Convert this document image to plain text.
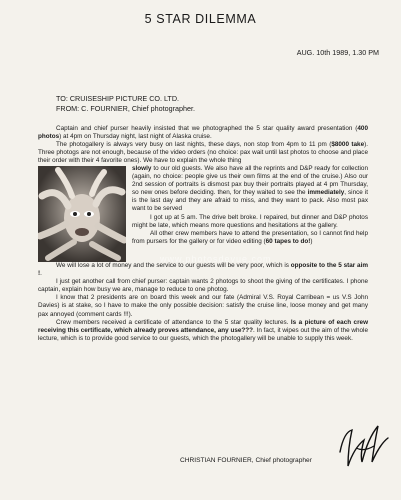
5 STAR DILEMMA
AUG. 10th 1989, 1.30 PM
TO: CRUISESHIP PICTURE CO. LTD.
FROM: C. FOURNIER, Chief photographer.

Captain and chief purser heavily insisted that we photographed the 5 star quality award presentation (400 photos) at 4pm on Thursday night, last night of Alaska cruise.

The photogallery is always very busy on last nights, these days, non stop from 4pm to 11 pm ($8000 take). Three photogs are not enough, because of the video orders (no choice: pax wait until last photos to choose and place their order with their 4 favorite ones). We have to explain the whole thing

slowly to our old guests. We also have all the reprints and D&P ready for collection (again, no choice: people give us their own films at the end of the cruise.) Also our 2nd session of portraits is dismost pax buy their portraits played at 4 pm Thursday, so new ones before deciding. then, for they waited to see the immediately, since it is the last day and they are afraid to miss, and they want to pack. Also most pax want to be served

I got up at 5 am. The drive belt broke. I repaired, but dinner and D&P photos might be late, which means more questions and hesitations at the gallery.

All other crew members have to attend the presentation, so I cannot find help from pursers for the gallery or for video editing (60 tapes to do!)

We will lose a lot of money and the service to our guests will be very poor, which is opposite to the 5 star aim !.

I just get another call from chief purser: captain wants 2 photogs to shoot the giving of the certificates. I phone captain, explain how busy we are, manage to reduce to one photog.

I know that 2 presidents are on board this week and our fate (Admiral V.S. Royal Carribean = us V.S John Davies) is at stake, so I have to make the only possible decision: satisfy the cruise line, loose money and get many pax annoyed (comment cards !!!).

Crew members received a certificate of attendance to the 5 star quality lectures. Is a picture of each crew receiving this certificate, which already proves attendance, any use???. In fact, it wipes out the aim of the whole lecture, which is to provide good service to our guests, which the photogallery will be unable to supply this week.

www.photosdevue.com
CHRISTIAN FOURNIER, Chief photographer
